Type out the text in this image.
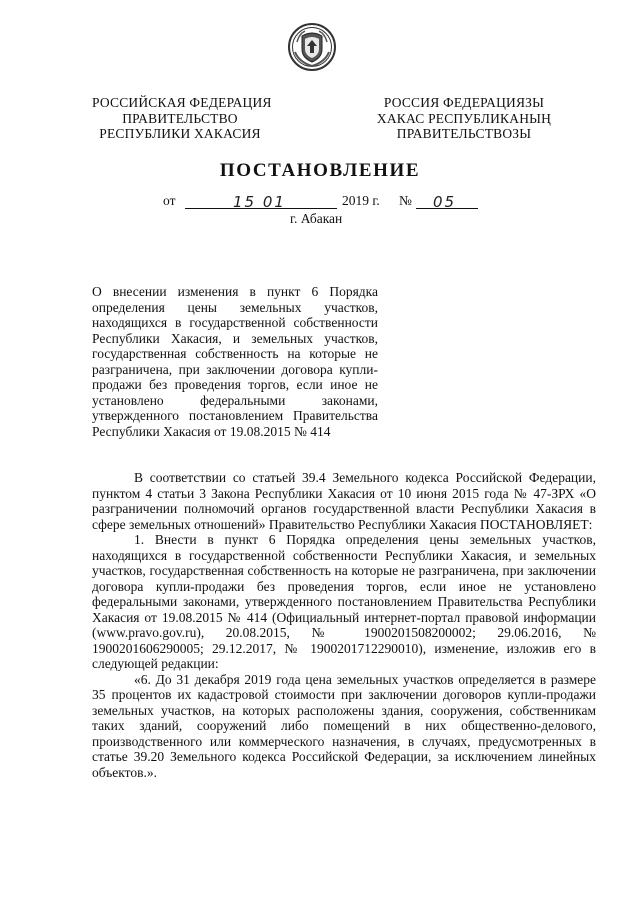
РОССИЙСКАЯ ФЕДЕРАЦИЯ
ПРАВИТЕЛЬСТВО
РЕСПУБЛИКИ ХАКАСИЯ
РОССИЯ ФЕДЕРАЦИЯЗЫ
ХАКАС РЕСПУБЛИКАНЫҢ
ПРАВИТЕЛЬСТВОЗЫ
ПОСТАНОВЛЕНИЕ
от	15 01	2019 г. № 05
г. Абакан
О внесении изменения в пункт 6 Порядка определения цены земельных участков, находящихся в государственной собственности Республики Хакасия, и земельных участков, государственная собственность на которые не разграничена, при заключении договора купли-продажи без проведения торгов, если иное не установлено федеральными законами, утвержденного постановлением Правительства Республики Хакасия от 19.08.2015 № 414

В соответствии со статьей 39.4 Земельного кодекса Российской Федерации, пунктом 4 статьи 3 Закона Республики Хакасия от 10 июня 2015 года № 47-ЗРХ «О разграничении полномочий органов государственной власти Республики Хакасия в сфере земельных отношений» Правительство Республики Хакасия ПОСТАНОВЛЯЕТ:

1. Внести в пункт 6 Порядка определения цены земельных участков, находящихся в государственной собственности Республики Хакасия, и земельных участков, государственная собственность на которые не разграничена, при заключении договора купли-продажи без проведения торгов, если иное не установлено федеральными законами, утвержденного постановлением Правительства Республики Хакасия от 19.08.2015 № 414 (Официальный интернет-портал правовой информации (www.pravo.gov.ru), 20.08.2015, № 1900201508200002; 29.06.2016, № 1900201606290005; 29.12.2017, № 1900201712290010), изменение, изложив его в следующей редакции:

«6. До 31 декабря 2019 года цена земельных участков определяется в размере 35 процентов их кадастровой стоимости при заключении договоров купли-продажи земельных участков, на которых расположены здания, сооружения, собственникам таких зданий, сооружений либо помещений в них общественно-делового, производственного или коммерческого назначения, в случаях, предусмотренных в статье 39.20 Земельного кодекса Российской Федерации, за исключением линейных объектов.».
